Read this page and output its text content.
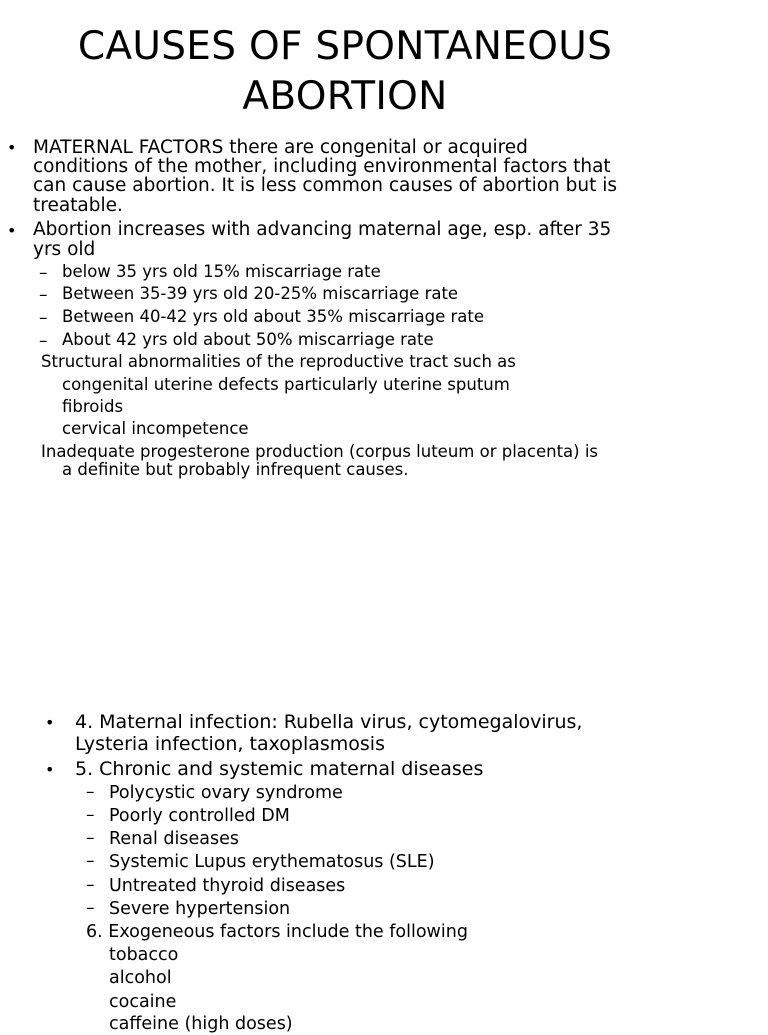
CAUSES OF SPONTANEOUS
ABORTION
• MATERNAL FACTORS there are congenital or acquired
conditions of the mother, including environmental factors that
can cause abortion. It is less common causes of abortion but is
treatable.
• Abortion increases with advancing maternal age, esp. after 35
yrs old
– below 35 yrs old 15% miscarriage rate
– Between 35-39 yrs old 20-25% miscarriage rate
– Between 40-42 yrs old about 35% miscarriage rate
– About 42 yrs old about 50% miscarriage rate
Structural abnormalities of the reproductive tract such as
congenital uterine defects particularly uterine sputum
fibroids
cervical incompetence
Inadequate progesterone production (corpus luteum or placenta) is
a definite but probably infrequent causes.
• 4. Maternal infection: Rubella virus, cytomegalovirus,
Lysteria infection, taxoplasmosis
• 5. Chronic and systemic maternal diseases
– Polycystic ovary syndrome
– Poorly controlled DM
– Renal diseases
– Systemic Lupus erythematosus (SLE)
– Untreated thyroid diseases
– Severe hypertension
6. Exogeneous factors include the following
tobacco
alcohol
cocaine
caffeine (high doses)
